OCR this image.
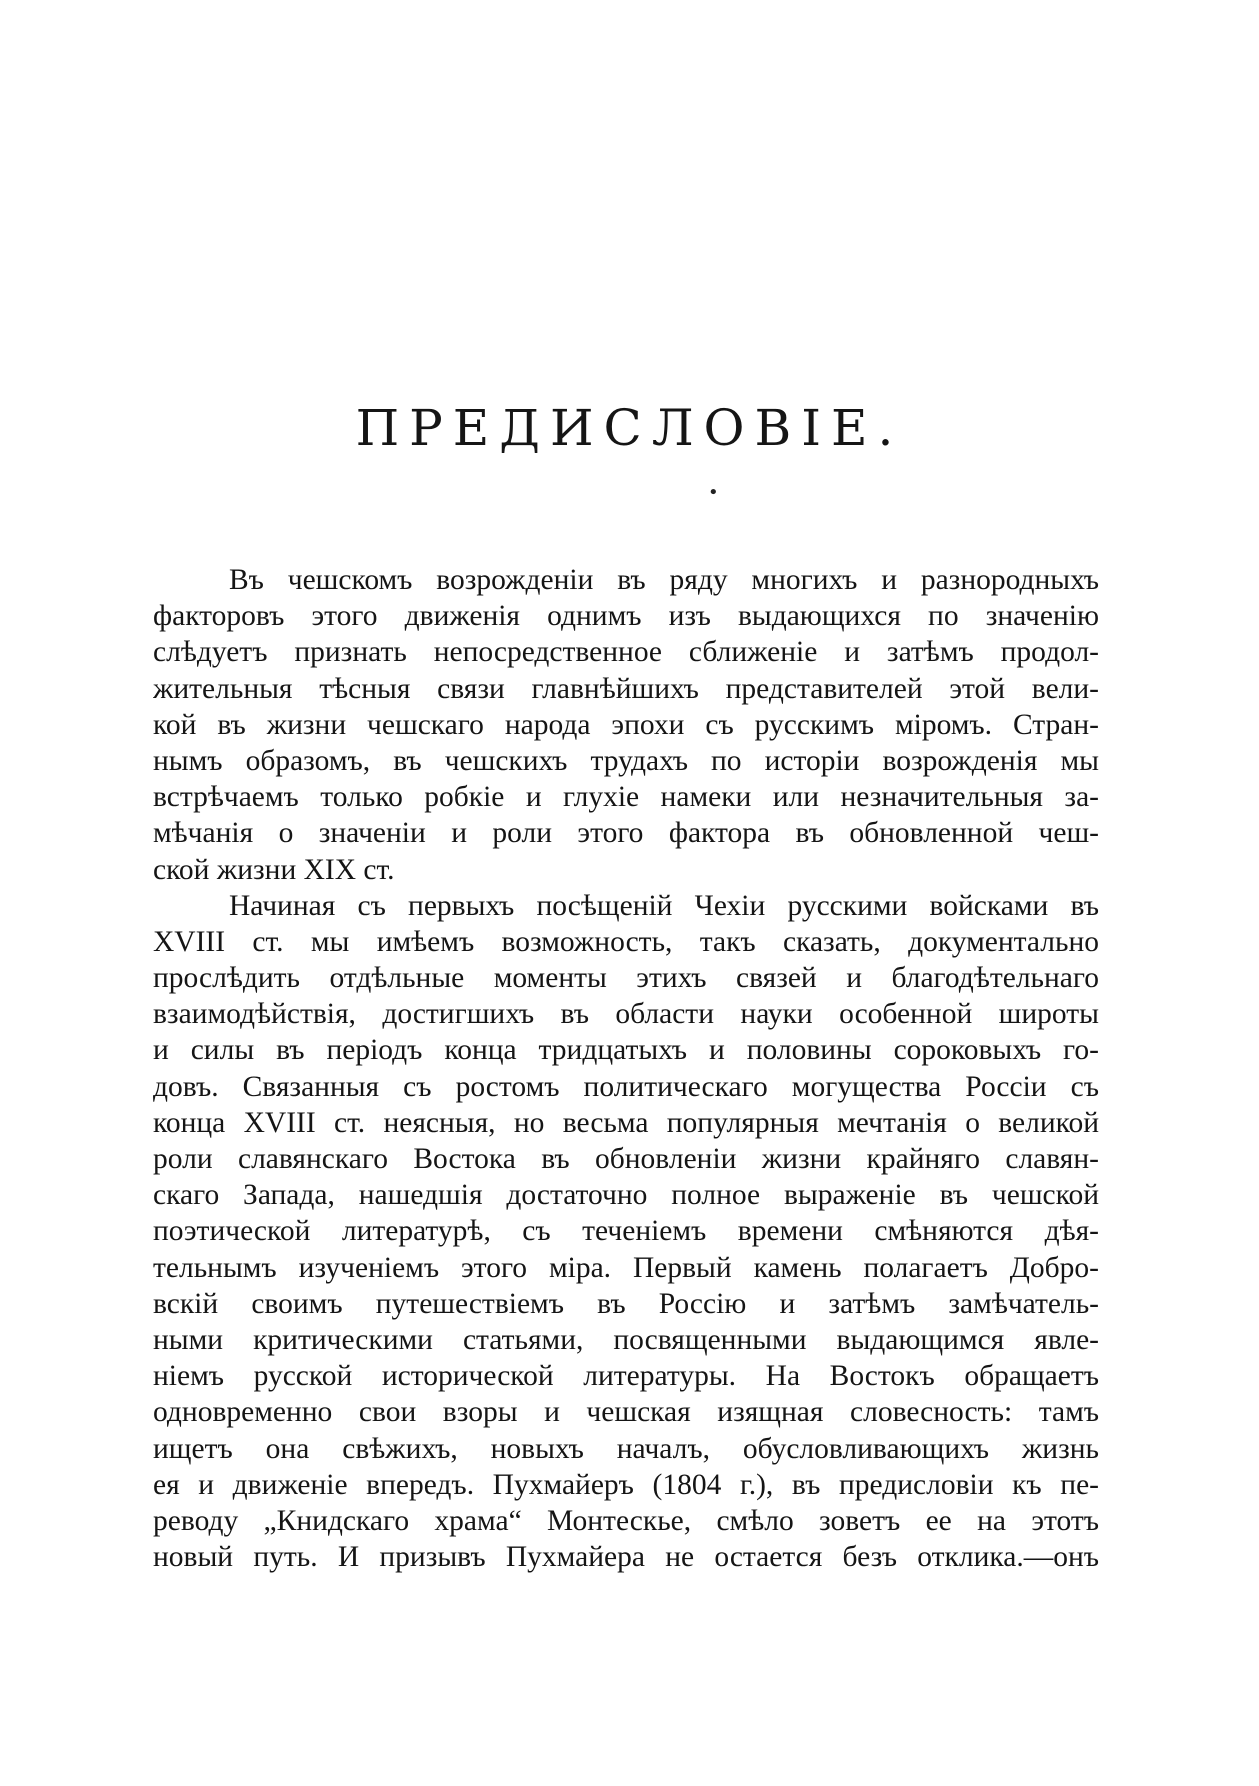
ПРЕДИСЛОВІЕ.
•
Въ чешскомъ возрожденіи въ ряду многихъ и разнородныхъ
факторовъ этого движенія однимъ изъ выдающихся по значенію
слѣдуетъ признать непосредственное сближеніе и затѣмъ продол-
жительныя тѣсныя связи главнѣйшихъ представителей этой вели-
кой въ жизни чешскаго народа эпохи съ русскимъ міромъ. Стран-
нымъ образомъ, въ чешскихъ трудахъ по исторіи возрожденія мы
встрѣчаемъ только робкіе и глухіе намеки или незначительныя за-
мѣчанія о значеніи и роли этого фактора въ обновленной чеш-
ской жизни XIX ст.
Начиная съ первыхъ посѣщеній Чехіи русскими войсками въ
XVIII ст. мы имѣемъ возможность, такъ сказать, документально
прослѣдить отдѣльные моменты этихъ связей и благодѣтельнаго
взаимодѣйствія, достигшихъ въ области науки особенной широты
и силы въ періодъ конца тридцатыхъ и половины сороковыхъ го-
довъ. Связанныя съ ростомъ политическаго могущества Россіи съ
конца XVIII ст. неясныя, но весьма популярныя мечтанія о великой
роли славянскаго Востока въ обновленіи жизни крайняго славян-
скаго Запада, нашедшія достаточно полное выраженіе въ чешской
поэтической литературѣ, съ теченіемъ времени смѣняются дѣя-
тельнымъ изученіемъ этого міра. Первый камень полагаетъ Добро-
вскій своимъ путешествіемъ въ Россію и затѣмъ замѣчатель-
ными критическими статьями, посвященными выдающимся явле-
ніемъ русской исторической литературы. На Востокъ обращаетъ
одновременно свои взоры и чешская изящная словесность: тамъ
ищетъ она свѣжихъ, новыхъ началъ, обусловливающихъ жизнь
ея и движеніе впередъ. Пухмайеръ (1804 г.), въ предисловіи къ пе-
реводу „Книдскаго храма“ Монтескье, смѣло зоветъ ее на этотъ
новый путь. И призывъ Пухмайера не остается безъ отклика.—онъ
